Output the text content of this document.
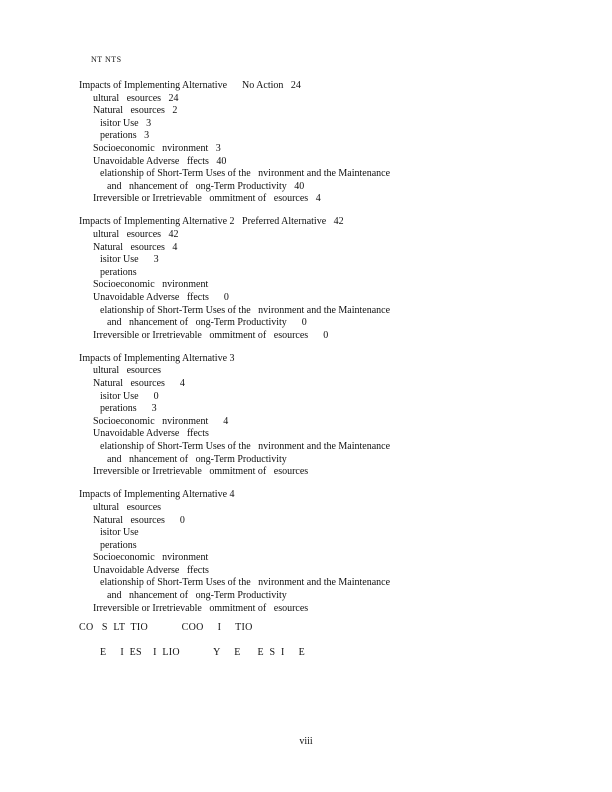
NT NTS
Impacts of Implementing Alternative      No Action   24
ultural   esources   24
Natural   esources   2
isitor Use   3
perations   3
Socioeconomic   nvironment   3
Unavoidable Adverse   ffects   40
elationship of Short-Term Uses of the   nvironment and the Maintenance
and   nhancement of   ong-Term Productivity   40
Irreversible or Irretrievable   ommitment of   esources   4
Impacts of Implementing Alternative 2   Preferred Alternative   42
ultural   esources   42
Natural   esources   4
isitor Use      3
perations
Socioeconomic   nvironment
Unavoidable Adverse   ffects      0
elationship of Short-Term Uses of the   nvironment and the Maintenance
and   nhancement of   ong-Term Productivity      0
Irreversible or Irretrievable   ommitment of   esources      0
Impacts of Implementing Alternative 3
ultural   esources
Natural   esources      4
isitor Use      0
perations      3
Socioeconomic   nvironment      4
Unavoidable Adverse   ffects
elationship of Short-Term Uses of the   nvironment and the Maintenance
and   nhancement of   ong-Term Productivity
Irreversible or Irretrievable   ommitment of   esources
Impacts of Implementing Alternative 4
ultural   esources
Natural   esources      0
isitor Use
perations
Socioeconomic   nvironment
Unavoidable Adverse   ffects
elationship of Short-Term Uses of the   nvironment and the Maintenance
and   nhancement of   ong-Term Productivity
Irreversible or Irretrievable   ommitment of   esources
CO   S  LT  TIO            COO     I     TIO
E     I  ES    I  LIO            Y     E      E  S  I     E
viii
